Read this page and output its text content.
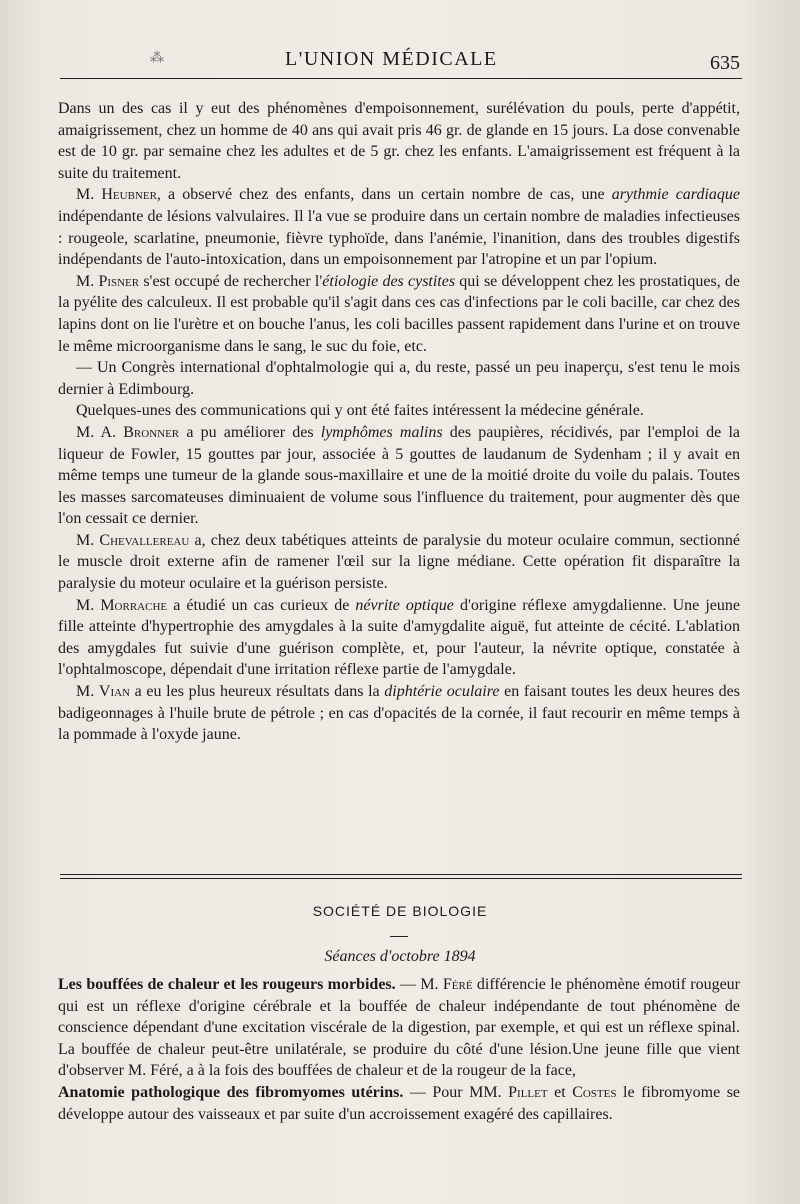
⁂	L'UNION MÉDICALE	635

Dans un des cas il y eut des phénomènes d'empoisonnement, surélévation du pouls, perte d'appétit, amaigrissement, chez un homme de 40 ans qui avait pris 46 gr. de glande en 15 jours. La dose convenable est de 10 gr. par semaine chez les adultes et de 5 gr. chez les enfants. L'amaigrissement est fréquent à la suite du traitement.

M. Heubner, a observé chez des enfants, dans un certain nombre de cas, une arythmie cardiaque indépendante de lésions valvulaires. Il l'a vue se produire dans un certain nombre de maladies infectieuses : rougeole, scarlatine, pneumonie, fièvre typhoïde, dans l'anémie, l'inanition, dans des troubles digestifs indépendants de l'auto-intoxication, dans un empoisonnement par l'atropine et un par l'opium.

M. Pisner s'est occupé de rechercher l'étiologie des cystites qui se développent chez les prostatiques, de la pyélite des calculeux. Il est probable qu'il s'agit dans ces cas d'infections par le coli bacille, car chez des lapins dont on lie l'urètre et on bouche l'anus, les coli bacilles passent rapidement dans l'urine et on trouve le même microorganisme dans le sang, le suc du foie, etc.

— Un Congrès international d'ophtalmologie qui a, du reste, passé un peu inaperçu, s'est tenu le mois dernier à Edimbourg.

Quelques-unes des communications qui y ont été faites intéressent la médecine générale.

M. A. Bronner a pu améliorer des lymphômes malins des paupières, récidivés, par l'emploi de la liqueur de Fowler, 15 gouttes par jour, associée à 5 gouttes de laudanum de Sydenham ; il y avait en même temps une tumeur de la glande sous-maxillaire et une de la moitié droite du voile du palais. Toutes les masses sarcomateuses diminuaient de volume sous l'influence du traitement, pour augmenter dès que l'on cessait ce dernier.

M. Chevallereau a, chez deux tabétiques atteints de paralysie du moteur oculaire commun, sectionné le muscle droit externe afin de ramener l'œil sur la ligne médiane. Cette opération fit disparaître la paralysie du moteur oculaire et la guérison persiste.

M. Morrache a étudié un cas curieux de névrite optique d'origine réflexe amygdalienne. Une jeune fille atteinte d'hypertrophie des amygdales à la suite d'amygdalite aiguë, fut atteinte de cécité. L'ablation des amygdales fut suivie d'une guérison complète, et, pour l'auteur, la névrite optique, constatée à l'ophtalmoscope, dépendait d'une irritation réflexe partie de l'amygdale.

M. Vian a eu les plus heureux résultats dans la diphtérie oculaire en faisant toutes les deux heures des badigeonnages à l'huile brute de pétrole ; en cas d'opacités de la cornée, il faut recourir en même temps à la pommade à l'oxyde jaune.

SOCIÉTÉ DE BIOLOGIE
Séances d'octobre 1894

Les bouffées de chaleur et les rougeurs morbides. — M. Féré différencie le phénomène émotif rougeur qui est un réflexe d'origine cérébrale et la bouffée de chaleur indépendante de tout phénomène de conscience dépendant d'une excitation viscérale de la digestion, par exemple, et qui est un réflexe spinal. La bouffée de chaleur peut-être unilatérale, se produire du côté d'une lésion.Une jeune fille que vient d'observer M. Féré, a à la fois des bouffées de chaleur et de la rougeur de la face,

Anatomie pathologique des fibromyomes utérins. — Pour MM. Pillet et Costes le fibromyome se développe autour des vaisseaux et par suite d'un accroissement exagéré des capillaires.
